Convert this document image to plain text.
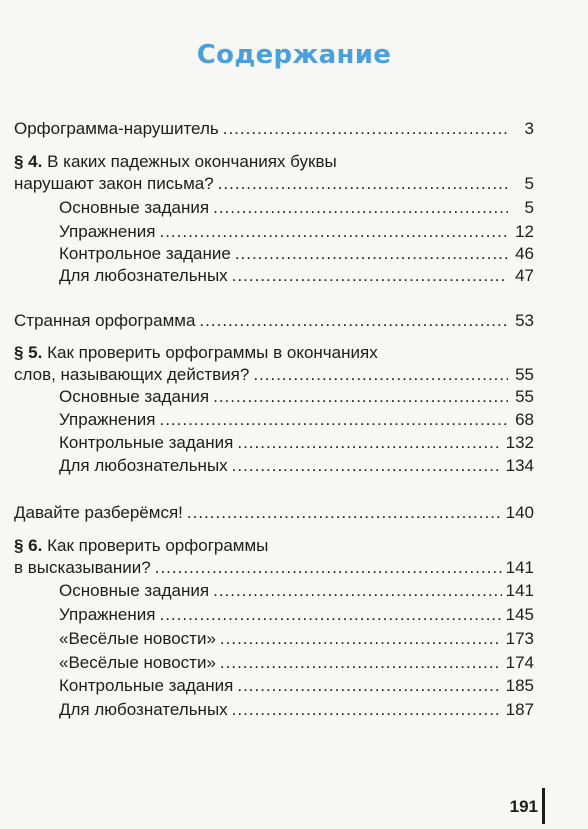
Содержание
Орфограмма-нарушитель .....	3
§ 4. В каких падежных окончаниях буквы
нарушают закон письма? .....	5
Основные задания .....	5
Упражнения .....	12
Контрольное задание .....	46
Для любознательных .....	47
Странная орфограмма .....	53
§ 5. Как проверить орфограммы в окончаниях
слов, называющих действия? .....	55
Основные задания .....	55
Упражнения .....	68
Контрольные задания .....	132
Для любознательных .....	134
Давайте разберёмся! .....	140
§ 6. Как проверить орфограммы
в высказывании? .....	141
Основные задания .....	141
Упражнения .....	145
«Весёлые новости» .....	173
«Весёлые новости» .....	174
Контрольные задания .....	185
Для любознательных .....	187
191
